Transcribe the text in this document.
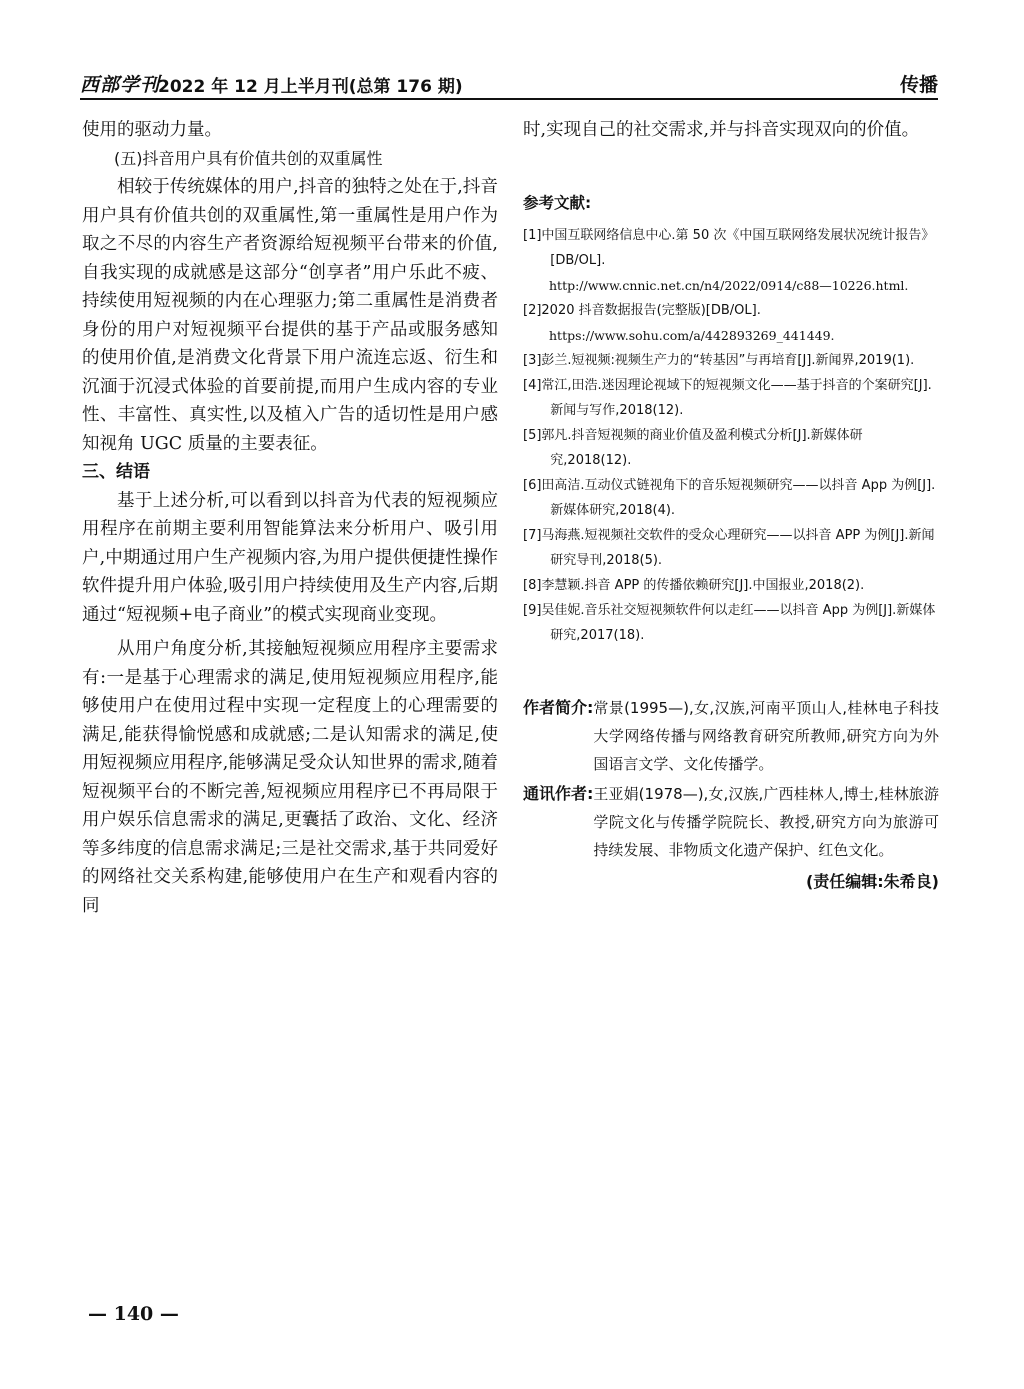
西部学刊
2022 年 12 月上半月刊(总第 176 期)	传播

使用的驱动力量。

(五)抖音用户具有价值共创的双重属性

相较于传统媒体的用户,抖音的独特之处在于,抖音用户具有价值共创的双重属性,第一重属性是用户作为取之不尽的内容生产者资源给短视频平台带来的价值,自我实现的成就感是这部分“创享者”用户乐此不疲、持续使用短视频的内在心理驱力;第二重属性是消费者身份的用户对短视频平台提供的基于产品或服务感知的使用价值,是消费文化背景下用户流连忘返、衍生和沉湎于沉浸式体验的首要前提,而用户生成内容的专业性、丰富性、真实性,以及植入广告的适切性是用户感知视角 UGC 质量的主要表征。

三、结语

基于上述分析,可以看到以抖音为代表的短视频应用程序在前期主要利用智能算法来分析用户、吸引用户,中期通过用户生产视频内容,为用户提供便捷性操作软件提升用户体验,吸引用户持续使用及生产内容,后期通过“短视频+电子商业”的模式实现商业变现。

从用户角度分析,其接触短视频应用程序主要需求有:一是基于心理需求的满足,使用短视频应用程序,能够使用户在使用过程中实现一定程度上的心理需要的满足,能获得愉悦感和成就感;二是认知需求的满足,使用短视频应用程序,能够满足受众认知世界的需求,随着短视频平台的不断完善,短视频应用程序已不再局限于用户娱乐信息需求的满足,更囊括了政治、文化、经济等多纬度的信息需求满足;三是社交需求,基于共同爱好的网络社交关系构建,能够使用户在生产和观看内容的同

时,实现自己的社交需求,并与抖音实现双向的价值。

参考文献:
[1]中国互联网络信息中心.第 50 次《中国互联网络发展状况统计报告》[DB/OL].
http://www.cnnic.net.cn/n4/2022/0914/c88—10226.html.
[2]2020 抖音数据报告(完整版)[DB/OL].
https://www.sohu.com/a/442893269_441449.
[3]彭兰.短视频:视频生产力的“转基因”与再培育[J].新闻界,2019(1).
[4]常江,田浩.迷因理论视域下的短视频文化——基于抖音的个案研究[J].新闻与写作,2018(12).
[5]郭凡.抖音短视频的商业价值及盈利模式分析[J].新媒体研究,2018(12).
[6]田高洁.互动仪式链视角下的音乐短视频研究——以抖音 App 为例[J].新媒体研究,2018(4).
[7]马海燕.短视频社交软件的受众心理研究——以抖音 APP 为例[J].新闻研究导刊,2018(5).
[8]李慧颖.抖音 APP 的传播依赖研究[J].中国报业,2018(2).
[9]吴佳妮.音乐社交短视频软件何以走红——以抖音 App 为例[J].新媒体研究,2017(18).
作者简介: 常景(1995—),女,汉族,河南平顶山人,桂林电子科技大学网络传播与网络教育研究所教师,研究方向为外国语言文学、文化传播学。
通讯作者: 王亚娟(1978—),女,汉族,广西桂林人,博士,桂林旅游学院文化与传播学院院长、教授,研究方向为旅游可持续发展、非物质文化遗产保护、红色文化。
(责任编辑:朱希良)
— 140 —
